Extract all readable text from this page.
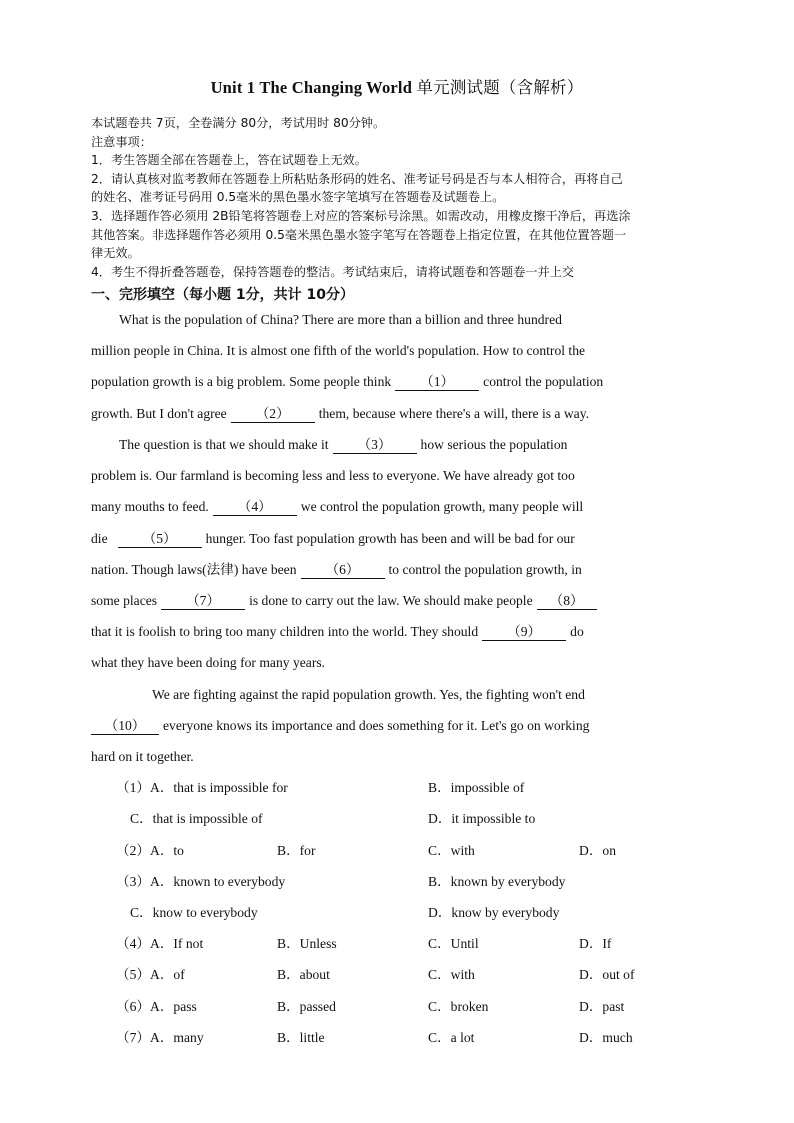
Unit 1 The Changing World 单元测试题（含解析）
本试题卷共 7页，全卷满分 80分，考试用时 80分钟。
注意事项：
1．考生答题全部在答题卷上，答在试题卷上无效。
2．请认真核对监考教师在答题卷上所粘贴条形码的姓名、准考证号码是否与本人相符合，再将自己
的姓名、准考证号码用 0.5毫米的黑色墨水签字笔填写在答题卷及试题卷上。
3．选择题作答必须用 2B铅笔将答题卷上对应的答案标号涂黑。如需改动，用橡皮擦干净后，再选涂
其他答案。非选择题作答必须用 0.5毫米黑色墨水签字笔写在答题卷上指定位置，在其他位置答题一
律无效。
4．考生不得折叠答题卷，保持答题卷的整洁。考试结束后，请将试题卷和答题卷一并上交
一、完形填空（每小题 1分，共计 10分）
What is the population of China? There are more than a billion and three hundred
million people in China. It is almost one fifth of the world's population. How to control the
population growth is a big problem. Some people think （1） control the population
growth. But I don't agree （2） them, because where there's a will, there is a way.
The question is that we should make it （3） how serious the population
problem is. Our farmland is becoming less and less to everyone. We have already got too
many mouths to feed. （4） we control the population growth, many people will
die	（5） hunger. Too fast population growth has been and will be bad for our
nation. Though laws(法律) have been （6） to control the population growth, in
some places （7） is done to carry out the law. We should make people （8）
that it is foolish to bring too many children into the world. They should （9） do
what they have been doing for many years.
We are fighting against the rapid population growth. Yes, the fighting won't end
（10） everyone knows its importance and does something for it. Let's go on working
hard on it together.
（1） A．that is impossible for	B．impossible of
C．that is impossible of	D．it impossible to
（2） A．to	B．for	C．with	D．on
（3） A．known to everybody	B．known by everybody
C．know to everybody	D．know by everybody
（4） A．If not	B．Unless	C．Until	D．If
（5） A．of	B．about	C．with	D．out of
（6） A．pass	B．passed	C．broken	D．past
（7） A．many	B．little	C．a lot	D．much
